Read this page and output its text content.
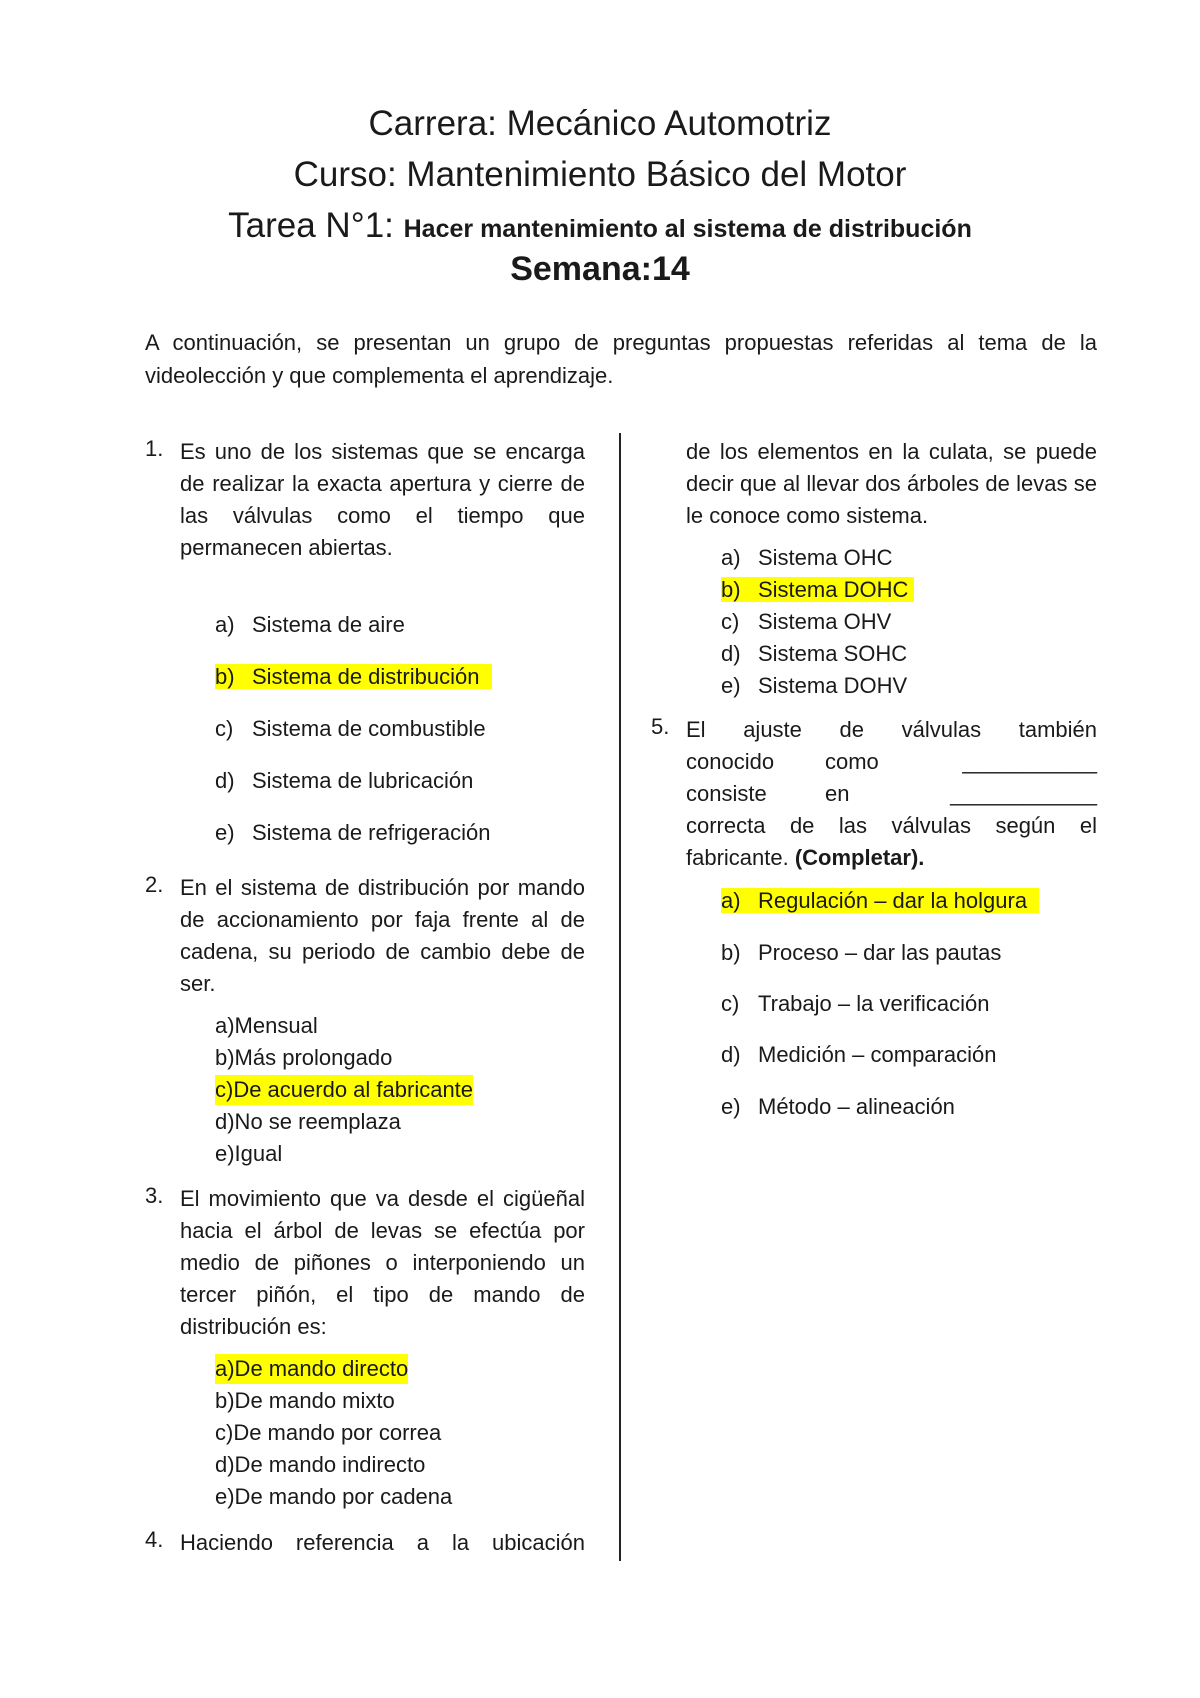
Carrera: Mecánico Automotriz
Curso: Mantenimiento Básico del Motor
Tarea N°1: Hacer mantenimiento al sistema de distribución
Semana:14
A continuación, se presentan un grupo de preguntas propuestas referidas al tema de la videolección y que complementa el aprendizaje.
1. Es uno de los sistemas que se encarga de realizar la exacta apertura y cierre de las válvulas como el tiempo que permanecen abiertas.
a) Sistema de aire
b) Sistema de distribución
c) Sistema de combustible
d) Sistema de lubricación
e) Sistema de refrigeración
2. En el sistema de distribución por mando de accionamiento por faja frente al de cadena, su periodo de cambio debe de ser.
a)Mensual
b)Más prolongado
c)De acuerdo al fabricante
d)No se reemplaza
e)Igual
3. El movimiento que va desde el cigüeñal hacia el árbol de levas se efectúa por medio de piñones o interponiendo un tercer piñón, el tipo de mando de distribución es:
a)De mando directo
b)De mando mixto
c)De mando por correa
d)De mando indirecto
e)De mando por cadena
4. Haciendo referencia a la ubicación
de los elementos en la culata, se puede decir que al llevar dos árboles de levas se le conoce como sistema.
a) Sistema OHC
b) Sistema DOHC
c) Sistema OHV
d) Sistema SOHC
e) Sistema DOHV
5. El ajuste de válvulas también
conocido como	___________
consiste	en	____________
correcta de las válvulas según el
fabricante. (Completar).
a) Regulación – dar la holgura
b) Proceso – dar las pautas
c) Trabajo – la verificación
d) Medición – comparación
e) Método – alineación
